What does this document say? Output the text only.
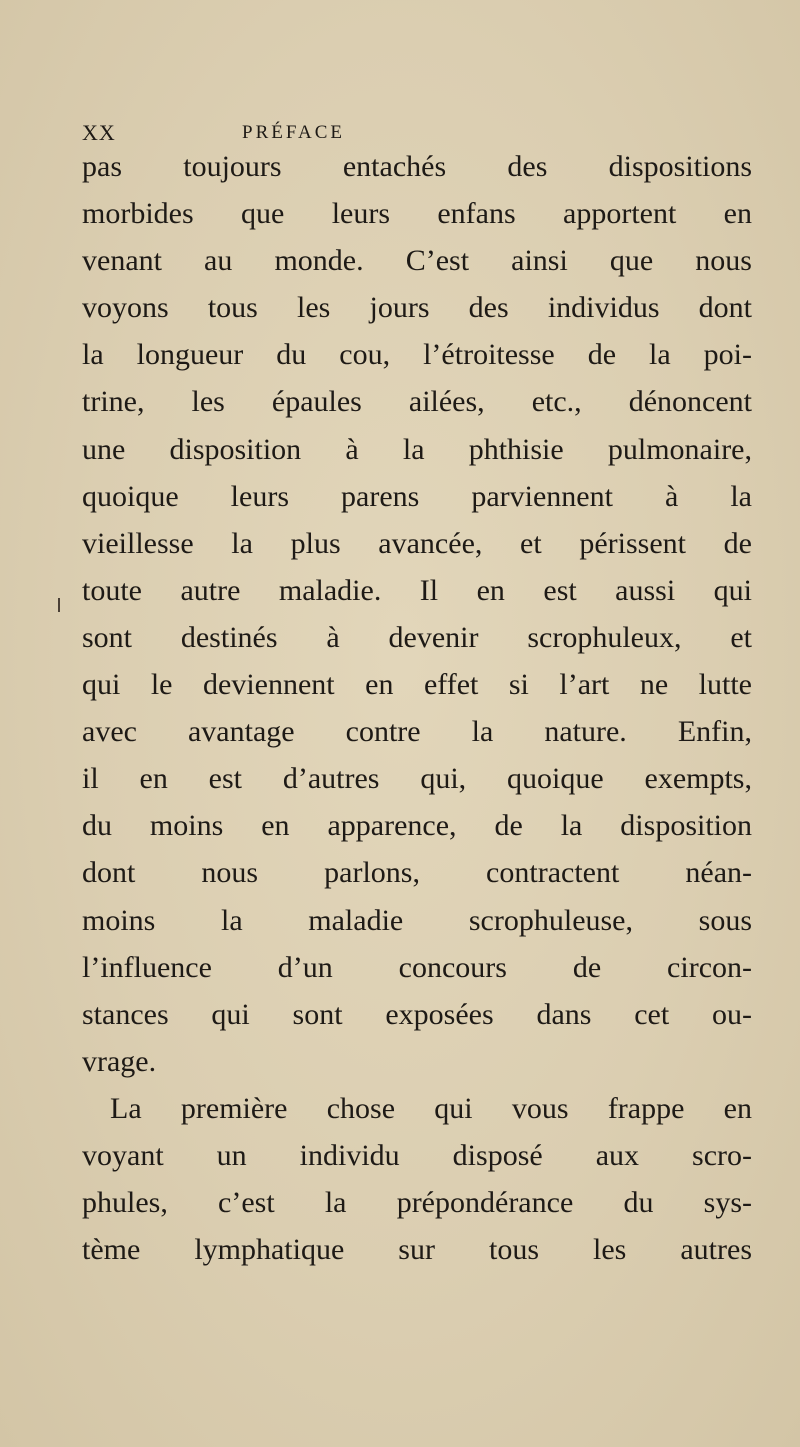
XX	PRÉFACE
pas toujours entachés des dispositions
morbides que leurs enfans apportent en
venant au monde. C’est ainsi que nous
voyons tous les jours des individus dont
la longueur du cou, l’étroitesse de la poi-
trine, les épaules ailées, etc., dénoncent
une disposition à la phthisie pulmonaire,
quoique leurs parens parviennent à la
vieillesse la plus avancée, et périssent de
toute autre maladie. Il en est aussi qui
sont destinés à devenir scrophuleux, et
qui le deviennent en effet si l’art ne lutte
avec avantage contre la nature. Enfin,
il en est d’autres qui, quoique exempts,
du moins en apparence, de la disposition
dont nous parlons, contractent néan-
moins la maladie scrophuleuse, sous
l’influence d’un concours de circon-
stances qui sont exposées dans cet ou-
vrage.
La première chose qui vous frappe en
voyant un individu disposé aux scro-
phules, c’est la prépondérance du sys-
tème lymphatique sur tous les autres
